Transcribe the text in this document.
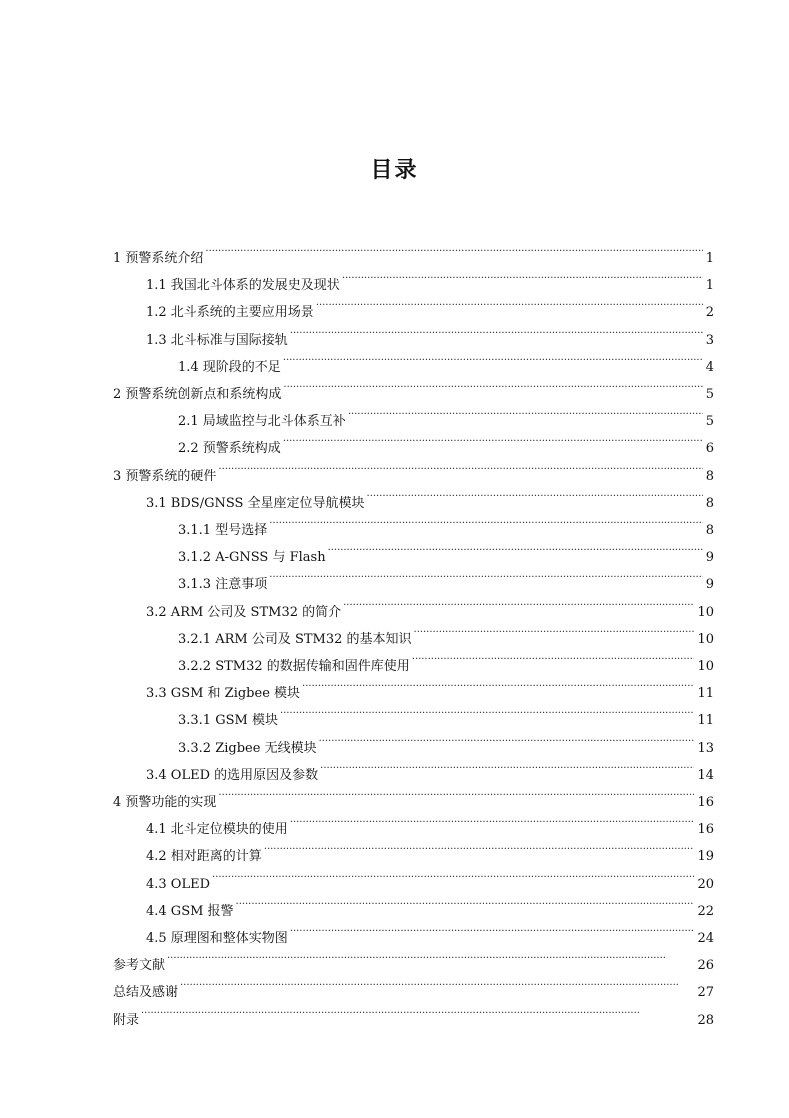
目录
1 预警系统介绍 . . .	1
1.1 我国北斗体系的发展史及现状 . . .	1
1.2 北斗系统的主要应用场景 . . .	2
1.3 北斗标准与国际接轨 . . .	3
1.4 现阶段的不足 . . .	4
2 预警系统创新点和系统构成 . . .	5
2.1 局域监控与北斗体系互补 . . .	5
2.2 预警系统构成 . . .	6
3 预警系统的硬件 . . .	8
3.1 BDS/GNSS 全星座定位导航模块 . . .	8
3.1.1 型号选择 . . .	8
3.1.2 A-GNSS 与 Flash . . .	9
3.1.3 注意事项 . . .	9
3.2 ARM 公司及 STM32 的简介 . . .	10
3.2.1 ARM 公司及 STM32 的基本知识 . . .	10
3.2.2 STM32 的数据传输和固件库使用 . . .	10
3.3 GSM 和 Zigbee 模块 . . .	11
3.3.1 GSM 模块 . . .	11
3.3.2 Zigbee 无线模块 . . .	13
3.4 OLED 的选用原因及参数 . . .	14
4 预警功能的实现 . . .	16
4.1 北斗定位模块的使用 . . .	16
4.2 相对距离的计算 . . .	19
4.3 OLED . . .	20
4.4 GSM 报警 . . .	22
4.5 原理图和整体实物图 . . .	24
参考文献 . . .	26
总结及感谢 . . .	27
附录 . . .	28
